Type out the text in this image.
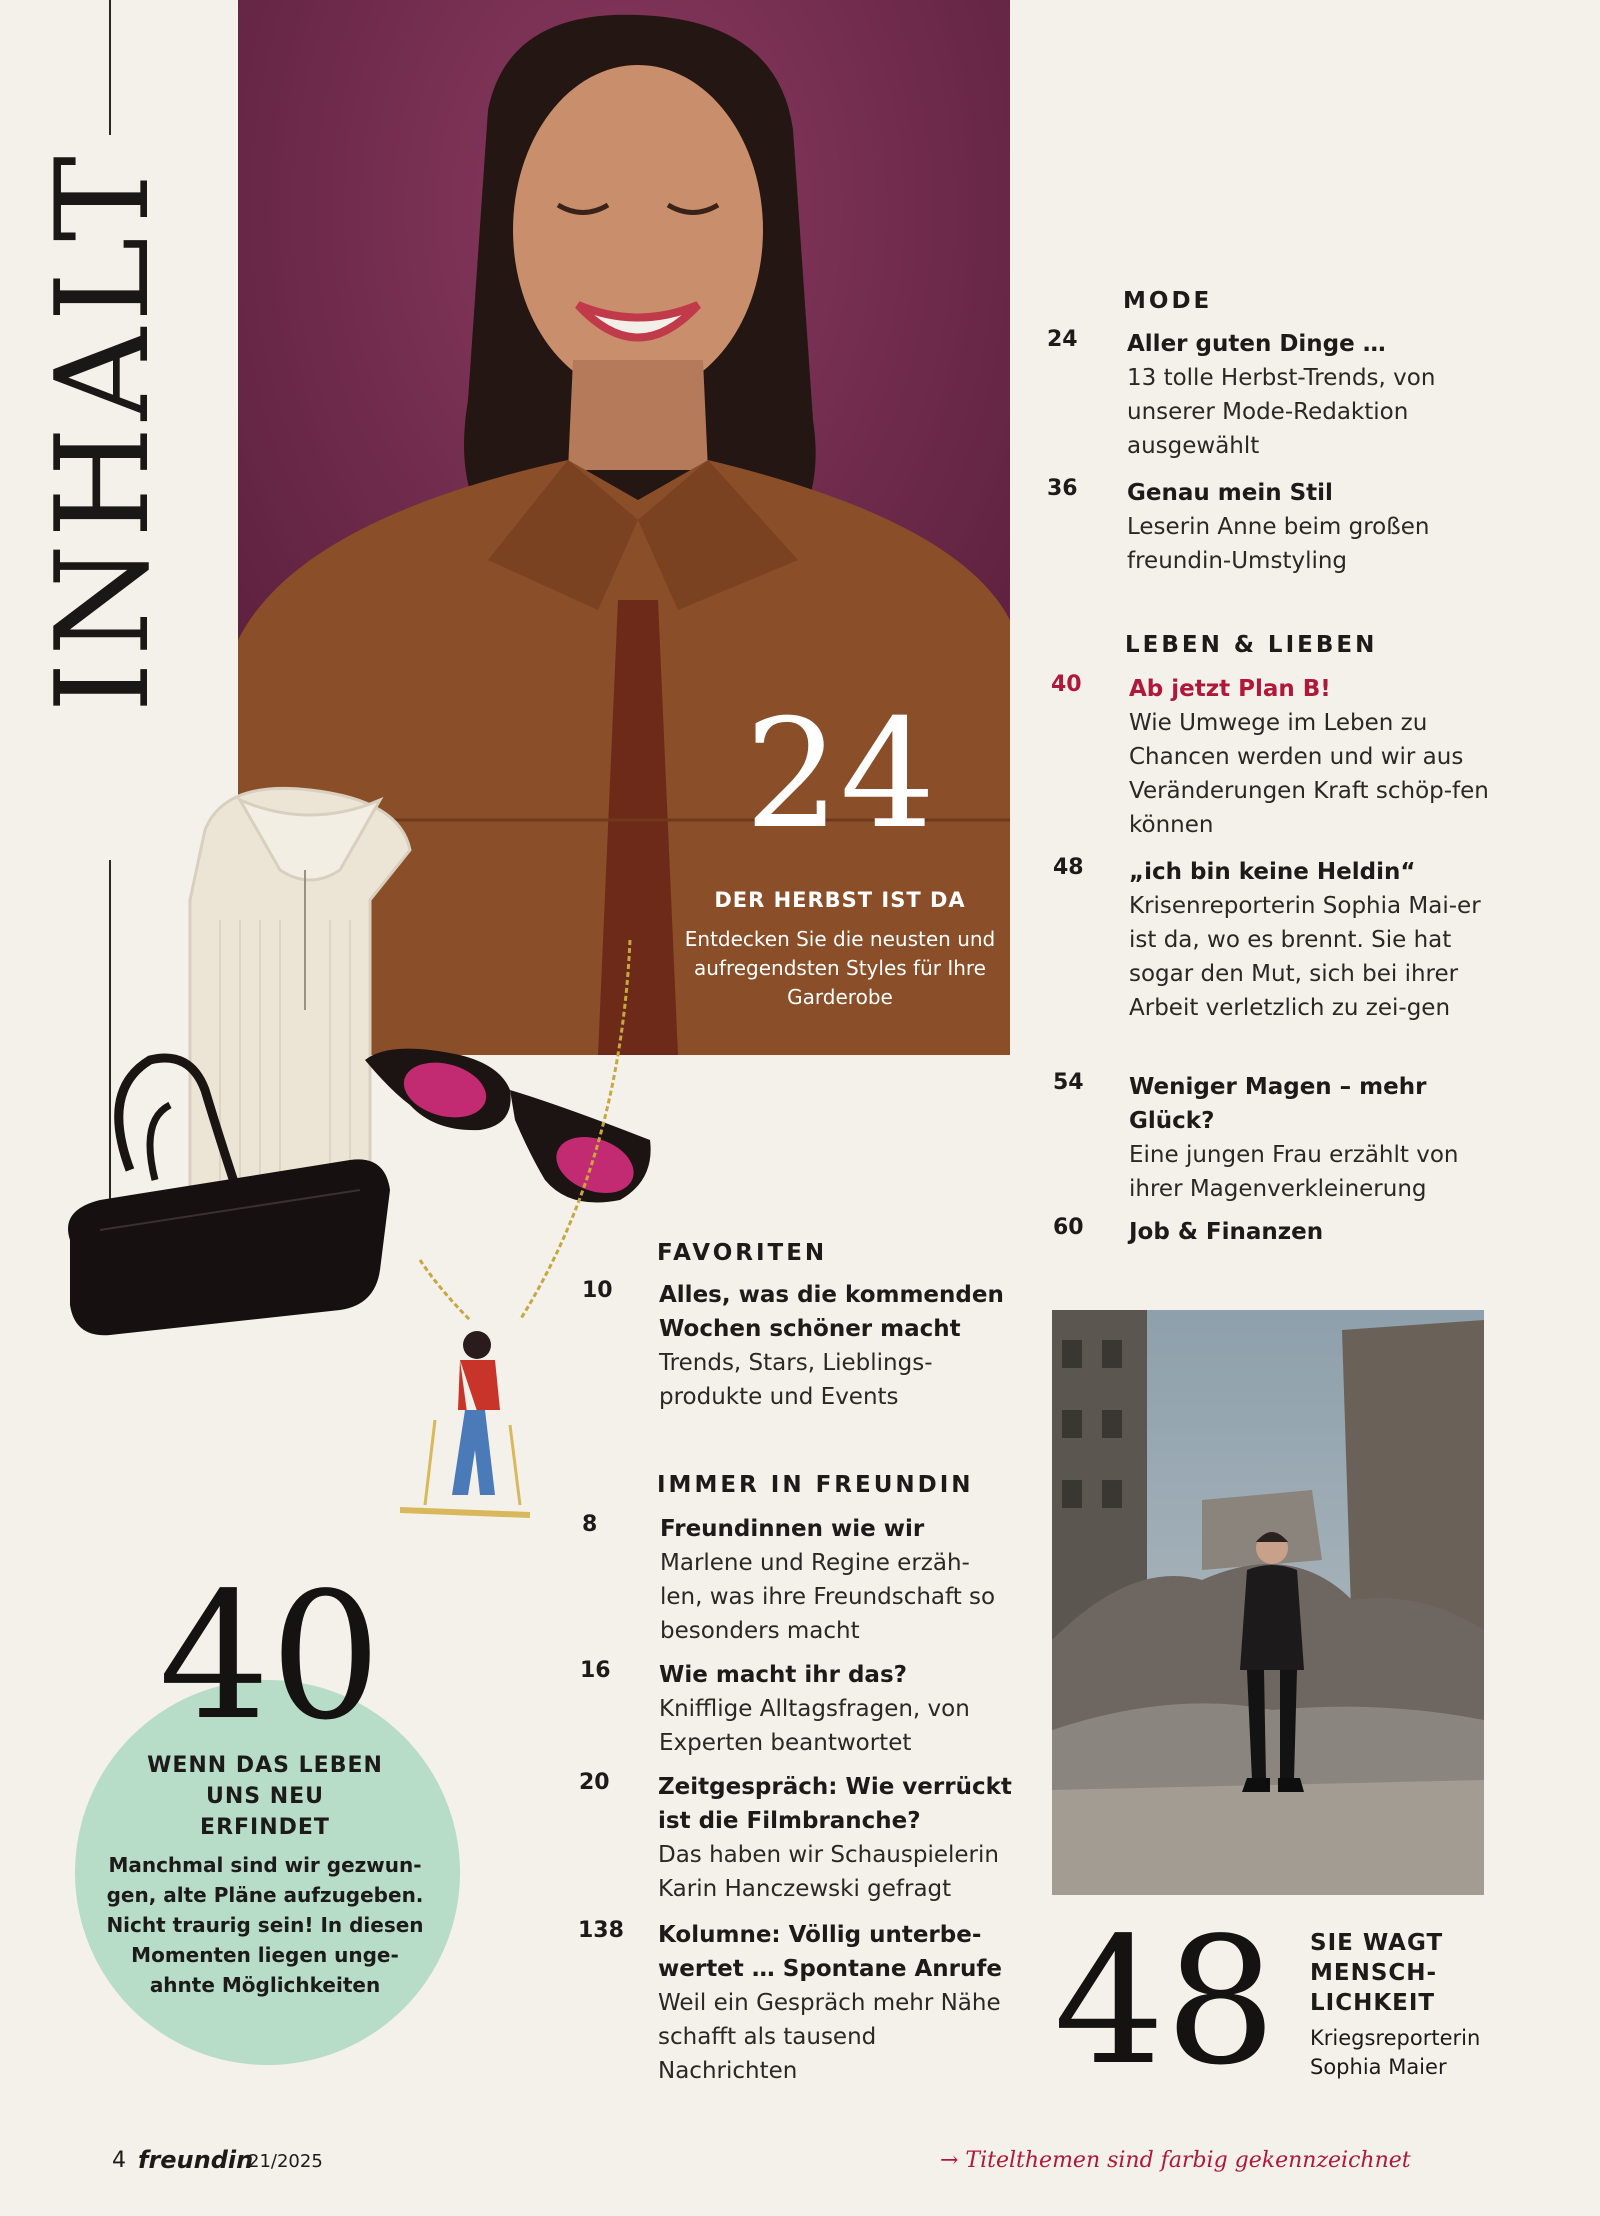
INHALT
24
DER HERBST IST DA
Entdecken Sie die neusten und aufregendsten Styles für Ihre Garderobe
MODE
24 Aller guten Dinge …
13 tolle Herbst-Trends, von unserer Mode-Redaktion ausgewählt
36 Genau mein Stil
Leserin Anne beim großen freundin-Umstyling
LEBEN & LIEBEN
40 Ab jetzt Plan B!
Wie Umwege im Leben zu Chancen werden und wir aus Veränderungen Kraft schöp-fen können
48 „ich bin keine Heldin“
Krisenreporterin Sophia Mai-er ist da, wo es brennt. Sie hat sogar den Mut, sich bei ihrer Arbeit verletzlich zu zei-gen
54 Weniger Magen – mehr Glück?
Eine jungen Frau erzählt von ihrer Magenverkleinerung
60 Job & Finanzen
FAVORITEN
10 Alles, was die kommenden Wochen schöner macht
Trends, Stars, Lieblings-produkte und Events
IMMER IN FREUNDIN
8	Freundinnen wie wir
Marlene und Regine erzäh-len, was ihre Freundschaft so besonders macht
16 Wie macht ihr das?
Knifflige Alltagsfragen, von Experten beantwortet
20 Zeitgespräch: Wie verrückt ist die Filmbranche?
Das haben wir Schauspielerin Karin Hanczewski gefragt
138 Kolumne: Völlig unterbe-wertet … Spontane Anrufe
Weil ein Gespräch mehr Nähe schafft als tausend Nachrichten
40
WENN DAS LEBEN UNS NEU ERFINDET
Manchmal sind wir gezwun-gen, alte Pläne aufzugeben. Nicht traurig sein! In diesen Momenten liegen unge-ahnte Möglichkeiten	48 SIE WAGT MENSCH-LICHKEIT
Kriegsreporterin Sophia Maier
4 freundin
21/2025	→ Titelthemen sind farbig gekennzeichnet
